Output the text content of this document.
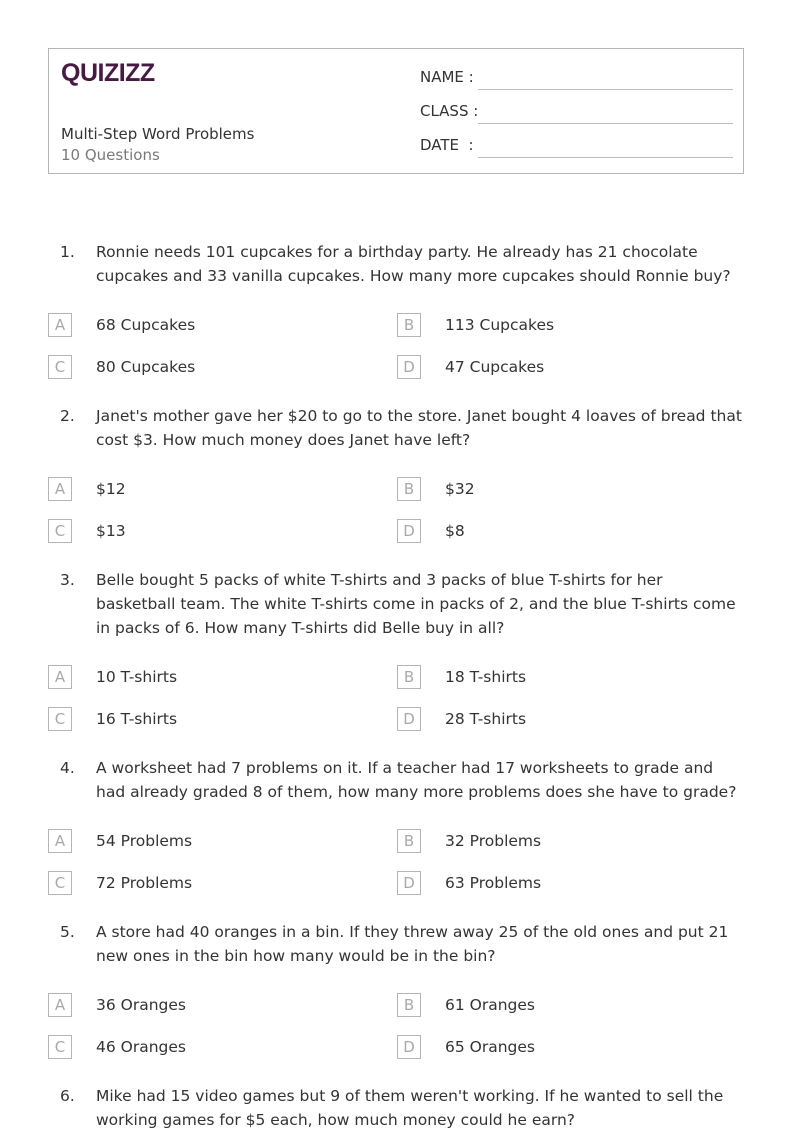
QUIZIZZ
Multi-Step Word Problems
10 Questions
NAME :
CLASS :
DATE  :
1. Ronnie needs 101 cupcakes for a birthday party. He already has 21 chocolate cupcakes and 33 vanilla cupcakes. How many more cupcakes should Ronnie buy?
A	68 Cupcakes	B	113 Cupcakes
C	80 Cupcakes	D	47 Cupcakes
2. Janet's mother gave her $20 to go to the store. Janet bought 4 loaves of bread that cost $3. How much money does Janet have left?
A	$12	B	$32
C	$13	D	$8
3. Belle bought 5 packs of white T-shirts and 3 packs of blue T-shirts for her basketball team. The white T-shirts come in packs of 2, and the blue T-shirts come in packs of 6. How many T-shirts did Belle buy in all?
A	10 T-shirts	B	18 T-shirts
C	16 T-shirts	D	28 T-shirts
4. A worksheet had 7 problems on it. If a teacher had 17 worksheets to grade and had already graded 8 of them, how many more problems does she have to grade?
A	54 Problems	B	32 Problems
C	72 Problems	D	63 Problems
5. A store had 40 oranges in a bin. If they threw away 25 of the old ones and put 21 new ones in the bin how many would be in the bin?
A	36 Oranges	B	61 Oranges
C	46 Oranges	D	65 Oranges
6. Mike had 15 video games but 9 of them weren't working. If he wanted to sell the working games for $5 each, how much money could he earn?
